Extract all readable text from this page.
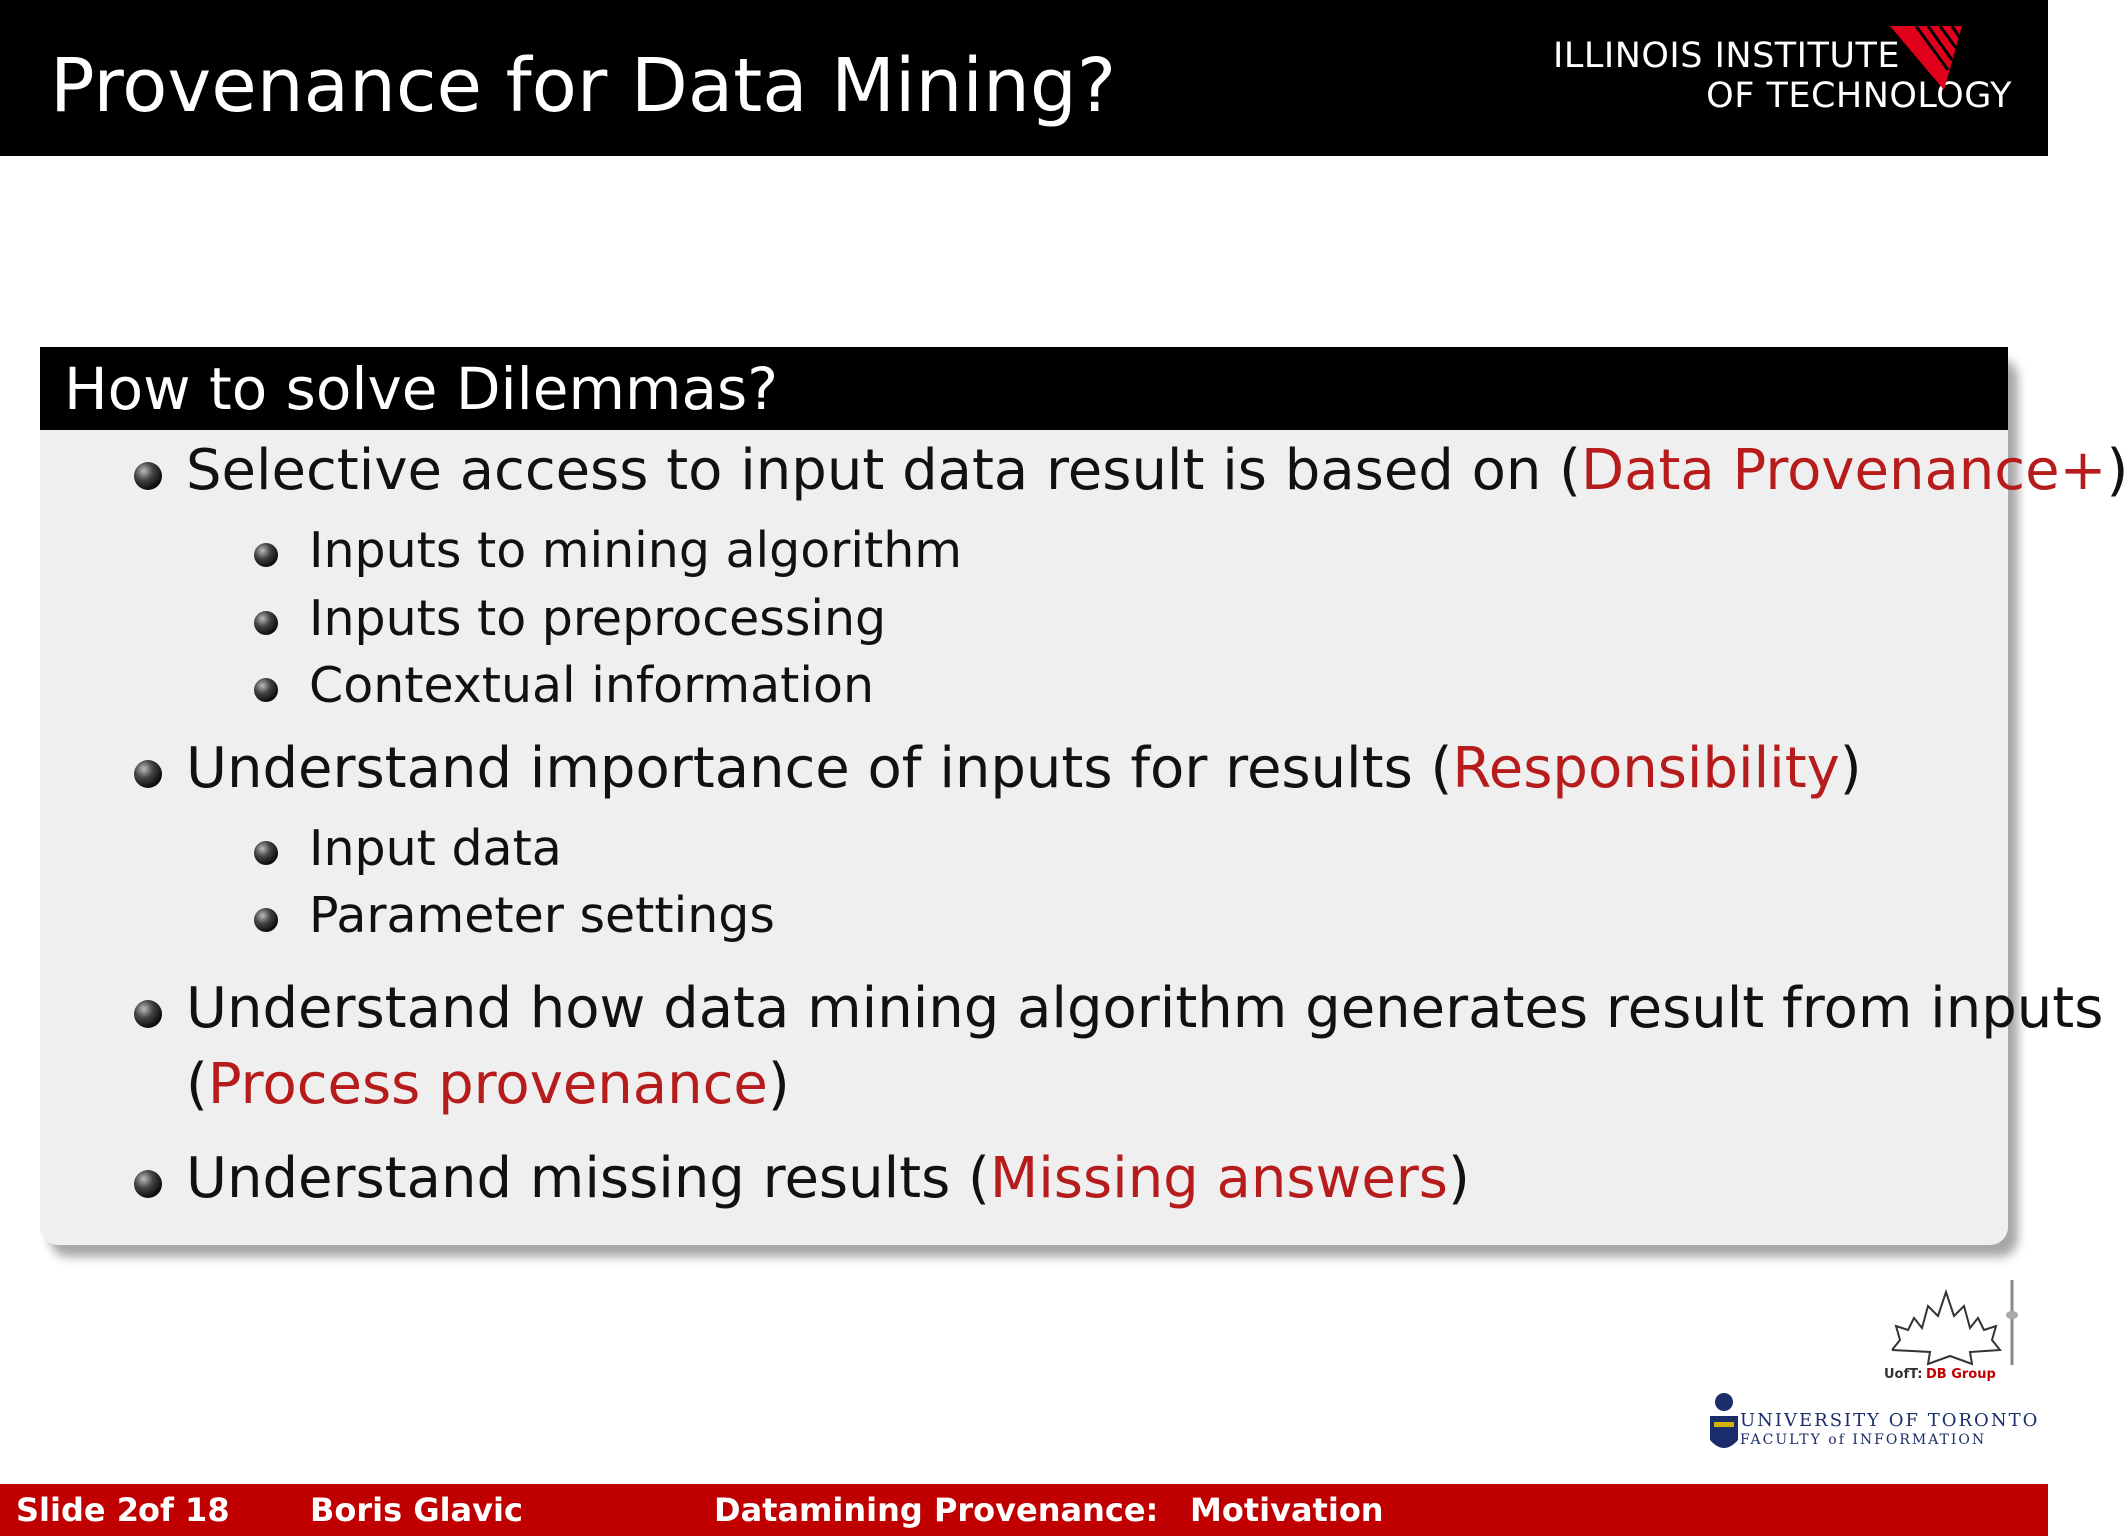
Provenance for Data Mining?	ILLINOIS INSTITUTE
OF TECHNOLOGY
How to solve Dilemmas?
Selective access to input data result is based on (Data Provenance+)
Inputs to mining algorithm
Inputs to preprocessing
Contextual information
Understand importance of inputs for results (Responsibility)
Input data
Parameter settings
Understand how data mining algorithm generates result from inputs
(Process provenance)
Understand missing results (Missing answers)
UofT: DB Group
UNIVERSITY OF TORONTO
FACULTY of INFORMATION
Slide 2 of 18	Boris Glavic	Datamining Provenance: Motivation
